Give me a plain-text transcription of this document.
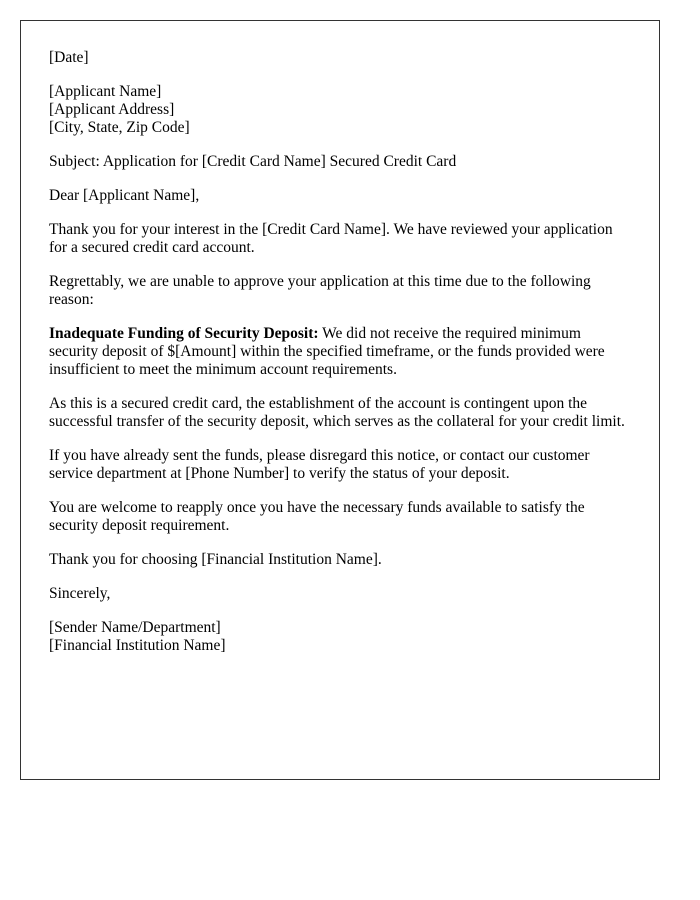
[Date]

[Applicant Name]
[Applicant Address]
[City, State, Zip Code]

Subject: Application for [Credit Card Name] Secured Credit Card

Dear [Applicant Name],

Thank you for your interest in the [Credit Card Name]. We have reviewed your application for a secured credit card account.

Regrettably, we are unable to approve your application at this time due to the following reason:

Inadequate Funding of Security Deposit: We did not receive the required minimum security deposit of $[Amount] within the specified timeframe, or the funds provided were insufficient to meet the minimum account requirements.

As this is a secured credit card, the establishment of the account is contingent upon the successful transfer of the security deposit, which serves as the collateral for your credit limit.

If you have already sent the funds, please disregard this notice, or contact our customer service department at [Phone Number] to verify the status of your deposit.

You are welcome to reapply once you have the necessary funds available to satisfy the security deposit requirement.

Thank you for choosing [Financial Institution Name].

Sincerely,

[Sender Name/Department]
[Financial Institution Name]
